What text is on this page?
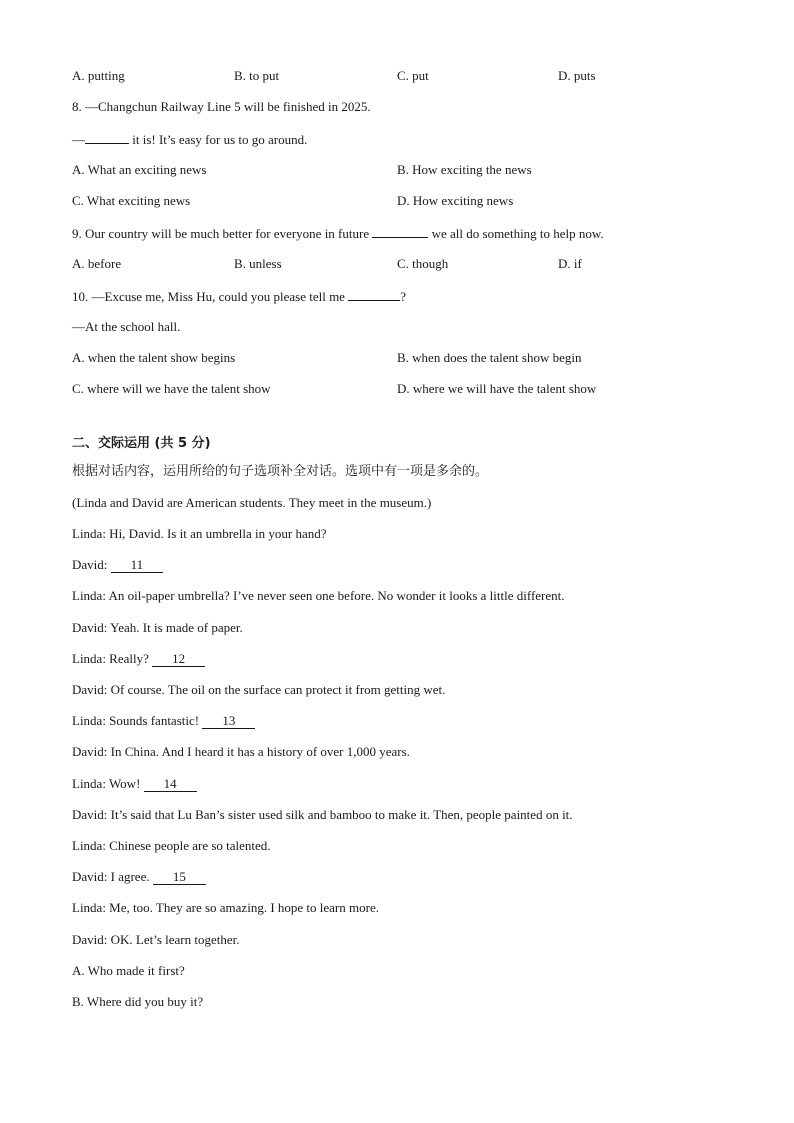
A. putting	B. to put	C. put	D. puts
8. —Changchun Railway Line 5 will be finished in 2025.
—	it is! It’s easy for us to go around.
A. What an exciting news	B. How exciting the news
C. What exciting news	D. How exciting news
9. Our country will be much better for everyone in future	we all do something to help now.
A. before	B. unless	C. though	D. if
10. —Excuse me, Miss Hu, could you please tell me	?
—At the school hall.
A. when the talent show begins	B. when does the talent show begin
C. where will we have the talent show	D. where we will have the talent show
二、交际运用 (共 5 分)
根据对话内容，运用所给的句子选项补全对话。选项中有一项是多余的。
(Linda and David are American students. They meet in the museum.)
Linda: Hi, David. Is it an umbrella in your hand?
David: 11
Linda: An oil-paper umbrella? I’ve never seen one before. No wonder it looks a little different.
David: Yeah. It is made of paper.
Linda: Really? 12
David: Of course. The oil on the surface can protect it from getting wet.
Linda: Sounds fantastic! 13
David: In China. And I heard it has a history of over 1,000 years.
Linda: Wow! 14
David: It’s said that Lu Ban’s sister used silk and bamboo to make it. Then, people painted on it.
Linda: Chinese people are so talented.
David: I agree. 15
Linda: Me, too. They are so amazing. I hope to learn more.
David: OK. Let’s learn together.
A. Who made it first?
B. Where did you buy it?
